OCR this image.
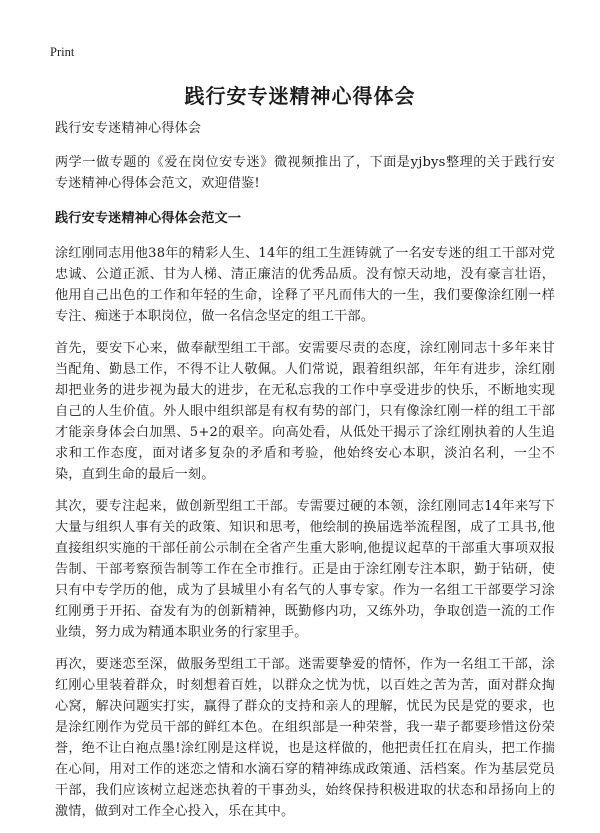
Print
践行安专迷精神心得体会

践行安专迷精神心得体会

两学一做专题的《爱在岗位安专迷》微视频推出了，下面是yjbys整理的关于践行安专迷精神心得体会范文，欢迎借鉴!

践行安专迷精神心得体会范文一

涂红刚同志用他38年的精彩人生、14年的组工生涯铸就了一名安专迷的组工干部对党忠诚、公道正派、甘为人梯、清正廉洁的优秀品质。没有惊天动地，没有豪言壮语，他用自己出色的工作和年轻的生命，诠释了平凡而伟大的一生，我们要像涂红刚一样专注、痴迷于本职岗位，做一名信念坚定的组工干部。

首先，要安下心来，做奉献型组工干部。安需要尽责的态度，涂红刚同志十多年来甘当配角、勤恳工作，不得不让人敬佩。人们常说，跟着组织部，年年有进步，涂红刚却把业务的进步视为最大的进步，在无私忘我的工作中享受进步的快乐，不断地实现自己的人生价值。外人眼中组织部是有权有势的部门，只有像涂红刚一样的组工干部才能亲身体会白加黑、5+2的艰辛。向高处看，从低处干揭示了涂红刚执着的人生追求和工作态度，面对诸多复杂的矛盾和考验，他始终安心本职，淡泊名利，一尘不染，直到生命的最后一刻。

其次，要专注起来，做创新型组工干部。专需要过硬的本领，涂红刚同志14年来写下大量与组织人事有关的政策、知识和思考，他绘制的换届选举流程图，成了工具书,他直接组织实施的干部任前公示制在全省产生重大影响,他提议起草的干部重大事项双报告制、干部考察预告制等工作在全市推行。正是由于涂红刚专注本职，勤于钻研，使只有中专学历的他，成为了县城里小有名气的人事专家。作为一名组工干部要学习涂红刚勇于开拓、奋发有为的创新精神，既勤修内功，又练外功，争取创造一流的工作业绩，努力成为精通本职业务的行家里手。

再次，要迷恋至深，做服务型组工干部。迷需要挚爱的情怀，作为一名组工干部，涂红刚心里装着群众，时刻想着百姓，以群众之忧为忧，以百姓之苦为苦，面对群众掏心窝，解决问题实打实，赢得了群众的支持和亲人的理解，忧民为民是党的要求，也是涂红刚作为党员干部的鲜红本色。在组织部是一种荣誉，我一辈子都要珍惜这份荣誉，绝不让白袍点墨!涂红刚是这样说，也是这样做的，他把责任扛在肩头，把工作揣在心间，用对工作的迷恋之情和水滴石穿的精神练成政策通、活档案。作为基层党员干部，我们应该树立起迷恋执着的干事劲头，始终保持积极进取的状态和昂扬向上的激情，做到对工作全心投入，乐在其中。
